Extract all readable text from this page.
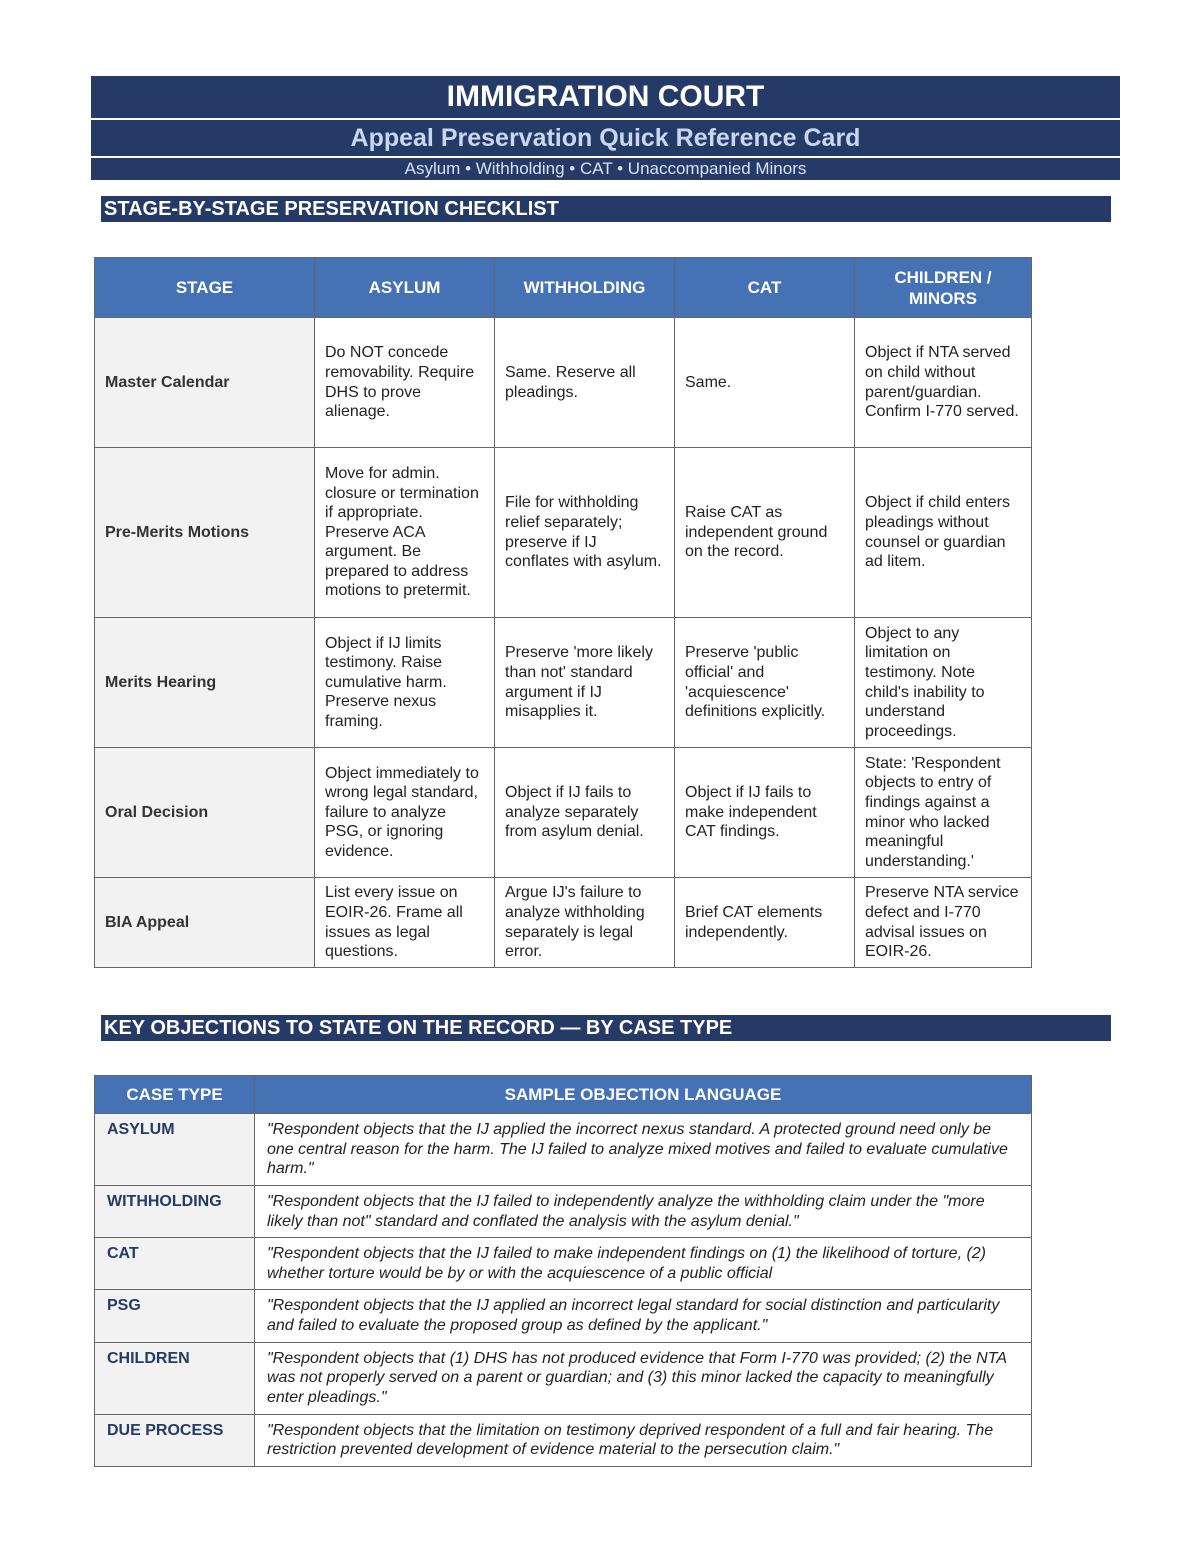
IMMIGRATION COURT
Appeal Preservation Quick Reference Card
Asylum • Withholding • CAT • Unaccompanied Minors
STAGE-BY-STAGE PRESERVATION CHECKLIST
STAGE	ASYLUM	WITHHOLDING	CAT	CHILDREN / MINORS
Master Calendar	Do NOT concede removability. Require DHS to prove alienage.	Same. Reserve all pleadings.	Same.	Object if NTA served on child without parent/guardian. Confirm I-770 served.
Pre-Merits Motions	Move for admin. closure or termination if appropriate. Preserve ACA argument. Be prepared to address motions to pretermit.	File for withholding relief separately; preserve if IJ conflates with asylum.	Raise CAT as independent ground on the record.	Object if child enters pleadings without counsel or guardian ad litem.
Merits Hearing	Object if IJ limits testimony. Raise cumulative harm. Preserve nexus framing.	Preserve 'more likely than not' standard argument if IJ misapplies it.	Preserve 'public official' and 'acquiescence' definitions explicitly.	Object to any limitation on testimony. Note child's inability to understand proceedings.
Oral Decision	Object immediately to wrong legal standard, failure to analyze PSG, or ignoring evidence.	Object if IJ fails to analyze separately from asylum denial.	Object if IJ fails to make independent CAT findings.	State: 'Respondent objects to entry of findings against a minor who lacked meaningful understanding.'
BIA Appeal	List every issue on EOIR-26. Frame all issues as legal questions.	Argue IJ's failure to analyze withholding separately is legal error.	Brief CAT elements independently.	Preserve NTA service defect and I-770 advisal issues on EOIR-26.
KEY OBJECTIONS TO STATE ON THE RECORD — BY CASE TYPE
CASE TYPE	SAMPLE OBJECTION LANGUAGE
ASYLUM	"Respondent objects that the IJ applied the incorrect nexus standard. A protected ground need only be one central reason for the harm. The IJ failed to analyze mixed motives and failed to evaluate cumulative harm."
WITHHOLDING	"Respondent objects that the IJ failed to independently analyze the withholding claim under the "more likely than not" standard and conflated the analysis with the asylum denial."
CAT	"Respondent objects that the IJ failed to make independent findings on (1) the likelihood of torture, (2) whether torture would be by or with the acquiescence of a public official
PSG	"Respondent objects that the IJ applied an incorrect legal standard for social distinction and particularity and failed to evaluate the proposed group as defined by the applicant."
CHILDREN	"Respondent objects that (1) DHS has not produced evidence that Form I-770 was provided; (2) the NTA was not properly served on a parent or guardian; and (3) this minor lacked the capacity to meaningfully enter pleadings."
DUE PROCESS	"Respondent objects that the limitation on testimony deprived respondent of a full and fair hearing. The restriction prevented development of evidence material to the persecution claim."
